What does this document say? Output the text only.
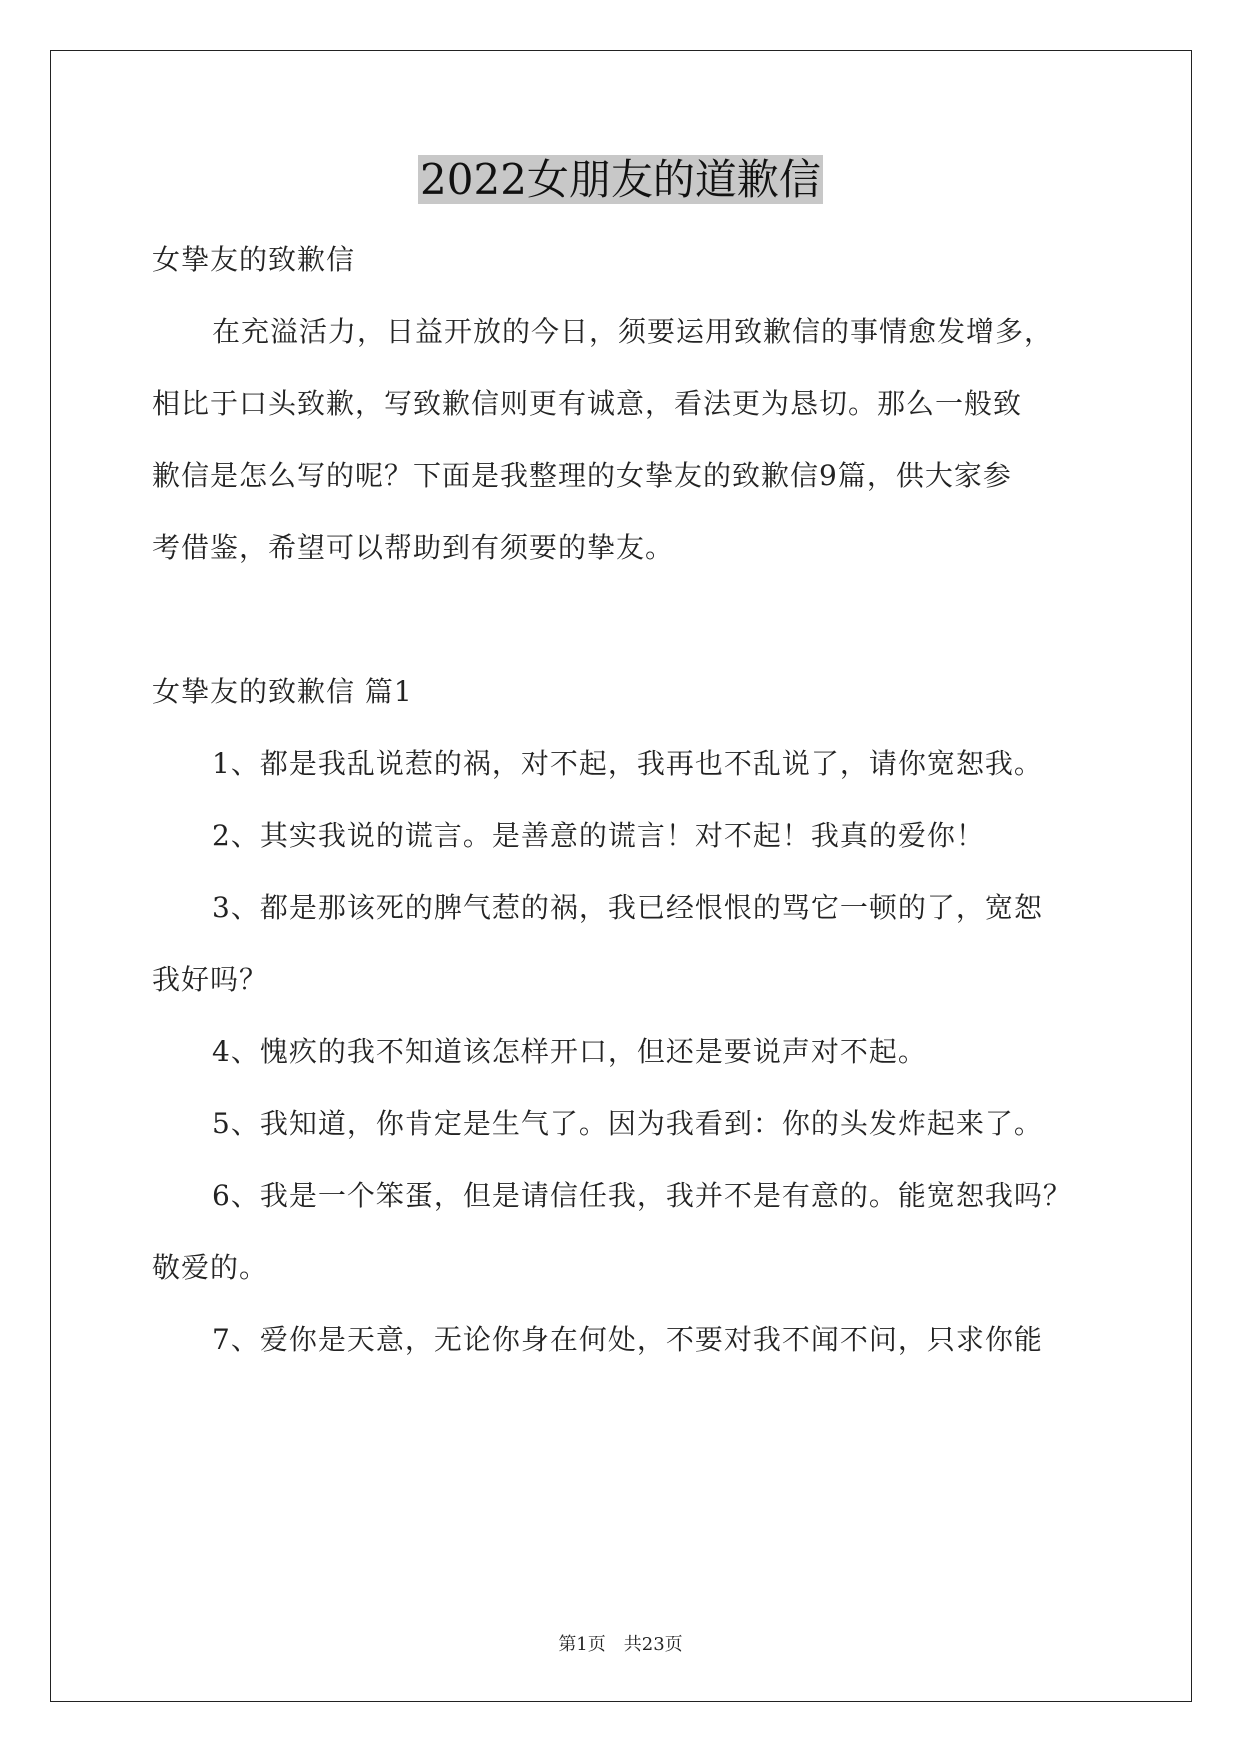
2022女朋友的道歉信
女挚友的致歉信
在充溢活力，日益开放的今日，须要运用致歉信的事情愈发增多，
相比于口头致歉，写致歉信则更有诚意，看法更为恳切。那么一般致
歉信是怎么写的呢？下面是我整理的女挚友的致歉信9篇，供大家参
考借鉴，希望可以帮助到有须要的挚友。
女挚友的致歉信 篇1
1、都是我乱说惹的祸，对不起，我再也不乱说了，请你宽恕我。
2、其实我说的谎言。是善意的谎言！对不起！我真的爱你！
3、都是那该死的脾气惹的祸，我已经恨恨的骂它一顿的了，宽恕
我好吗？
4、愧疚的我不知道该怎样开口，但还是要说声对不起。
5、我知道，你肯定是生气了。因为我看到：你的头发炸起来了。
6、我是一个笨蛋，但是请信任我，我并不是有意的。能宽恕我吗？
敬爱的。
7、爱你是天意，无论你身在何处，不要对我不闻不问，只求你能
第1页　共23页
